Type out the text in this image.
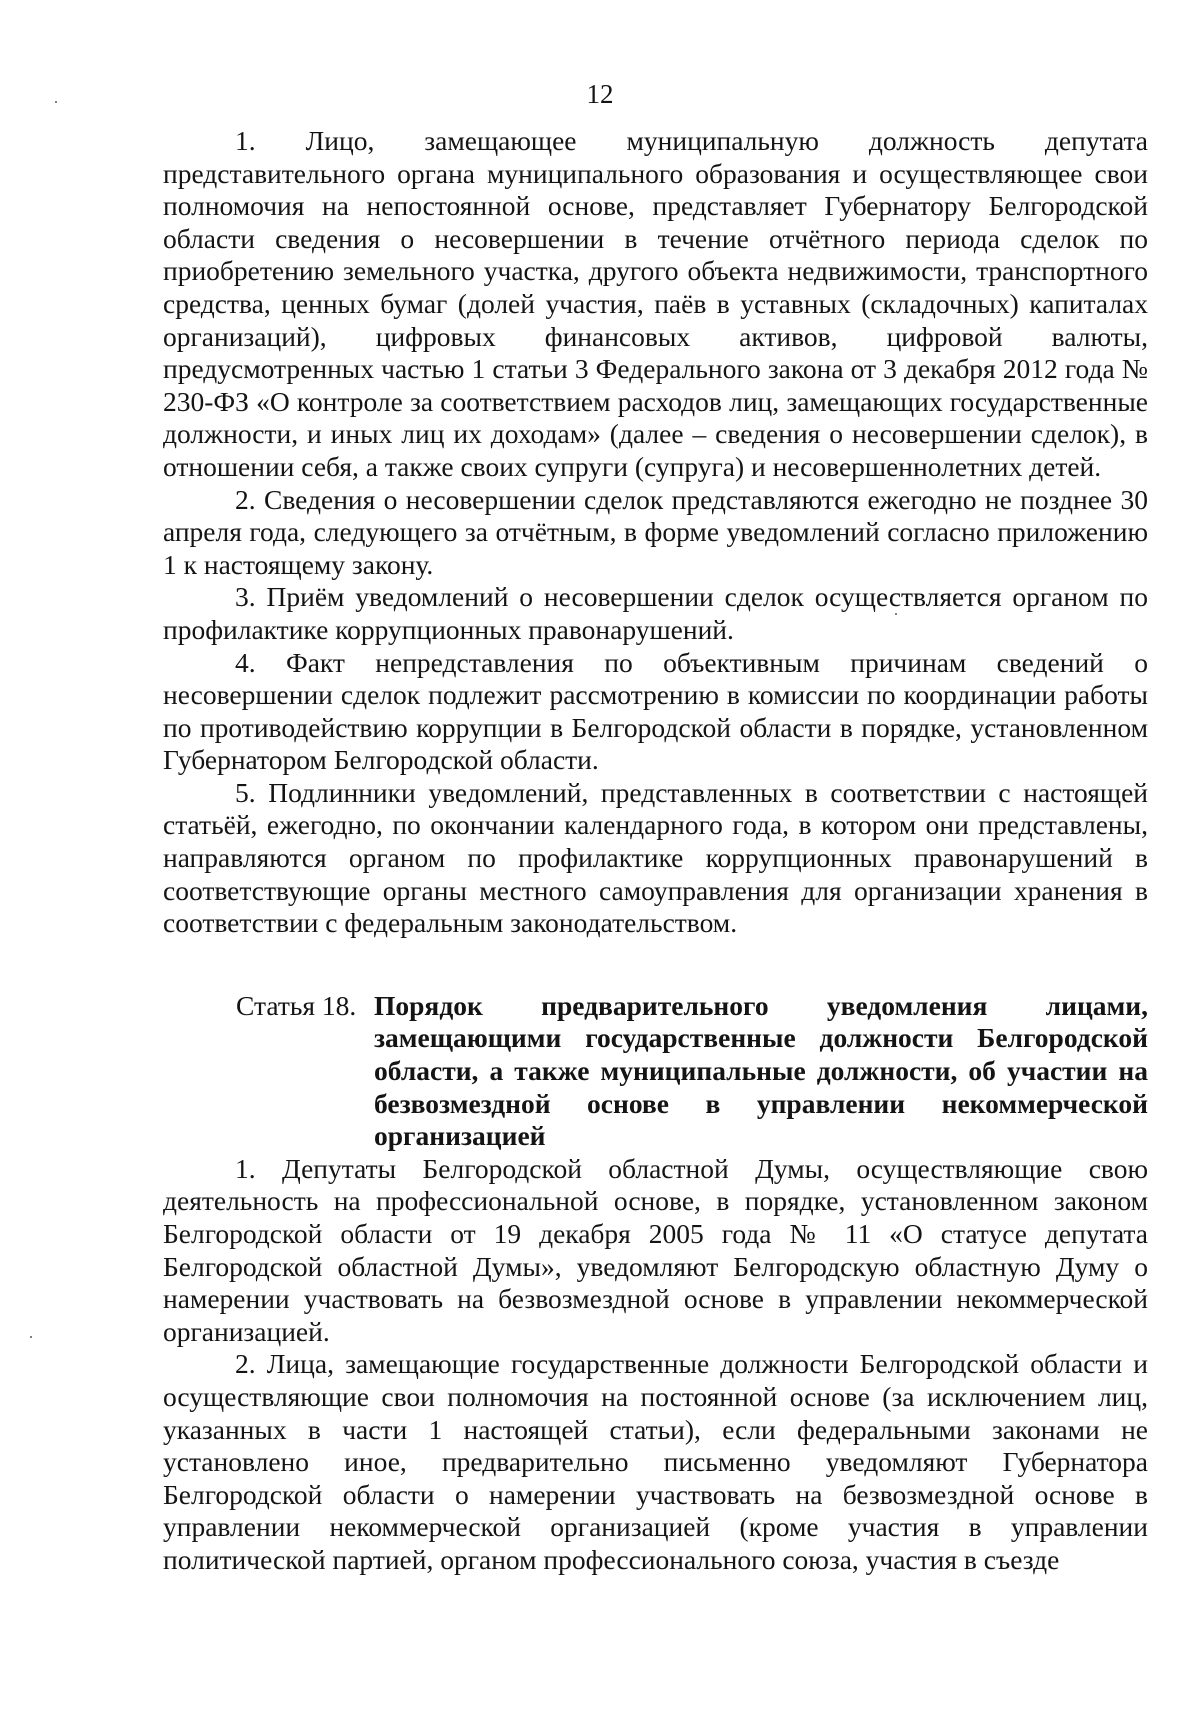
12

1. Лицо, замещающее муниципальную должность депутата представительного органа муниципального образования и осуществляющее свои полномочия на непостоянной основе, представляет Губернатору Белгородской области сведения о несовершении в течение отчётного периода сделок по приобретению земельного участка, другого объекта недвижимости, транспортного средства, ценных бумаг (долей участия, паёв в уставных (складочных) капиталах организаций), цифровых финансовых активов, цифровой валюты, предусмотренных частью 1 статьи 3 Федерального закона от 3 декабря 2012 года № 230-ФЗ «О контроле за соответствием расходов лиц, замещающих государственные должности, и иных лиц их доходам» (далее – сведения о несовершении сделок), в отношении себя, а также своих супруги (супруга) и несовершеннолетних детей.

2. Сведения о несовершении сделок представляются ежегодно не позднее 30 апреля года, следующего за отчётным, в форме уведомлений согласно приложению 1 к настоящему закону.

3. Приём уведомлений о несовершении сделок осуществляется органом по профилактике коррупционных правонарушений.

4. Факт непредставления по объективным причинам сведений о несовершении сделок подлежит рассмотрению в комиссии по координации работы по противодействию коррупции в Белгородской области в порядке, установленном Губернатором Белгородской области.

5. Подлинники уведомлений, представленных в соответствии с настоящей статьёй, ежегодно, по окончании календарного года, в котором они представлены, направляются органом по профилактике коррупционных правонарушений в соответствующие органы местного самоуправления для организации хранения в соответствии с федеральным законодательством.

Статья 18. Порядок предварительного уведомления лицами, замещающими государственные должности Белгородской области, а также муниципальные должности, об участии на безвозмездной основе в управлении некоммерческой организацией

1. Депутаты Белгородской областной Думы, осуществляющие свою деятельность на профессиональной основе, в порядке, установленном законом Белгородской области от 19 декабря 2005 года № 11 «О статусе депутата Белгородской областной Думы», уведомляют Белгородскую областную Думу о намерении участвовать на безвозмездной основе в управлении некоммерческой организацией.

2. Лица, замещающие государственные должности Белгородской области и осуществляющие свои полномочия на постоянной основе (за исключением лиц, указанных в части 1 настоящей статьи), если федеральными законами не установлено иное, предварительно письменно уведомляют Губернатора Белгородской области о намерении участвовать на безвозмездной основе в управлении некоммерческой организацией (кроме участия в управлении политической партией, органом профессионального союза, участия в съезде
